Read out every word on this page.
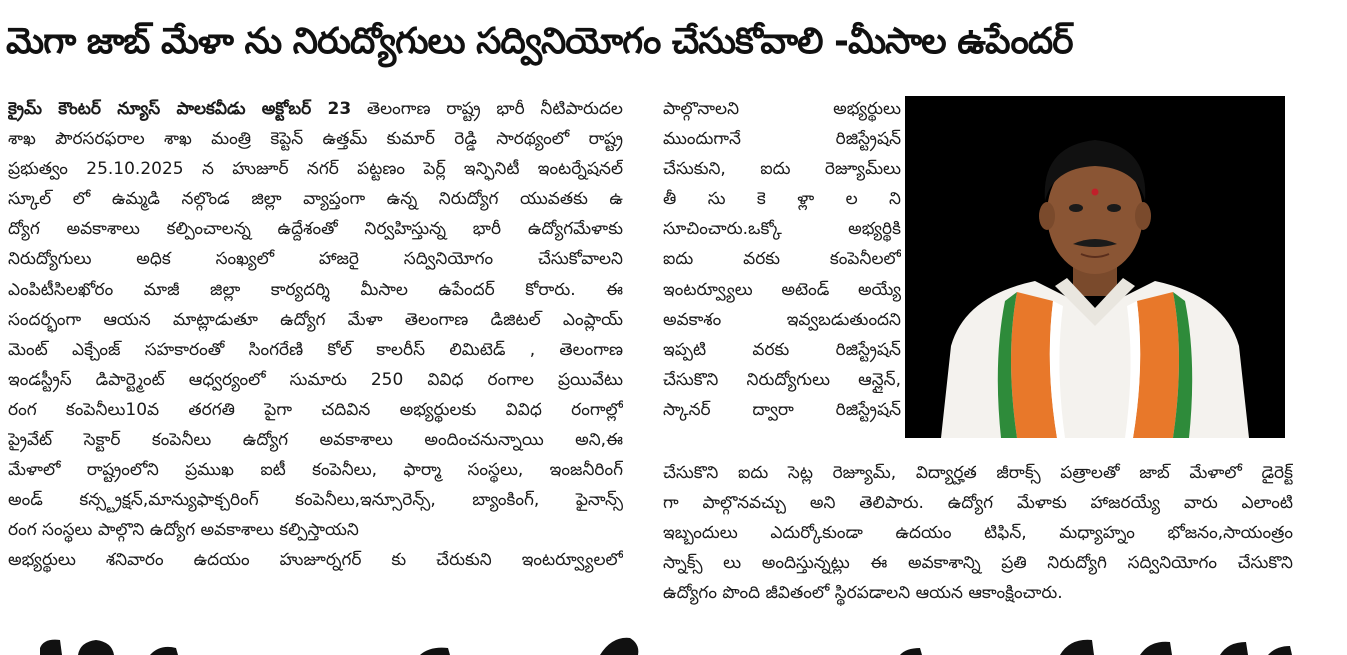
మెగా జాబ్ మేళా ను నిరుద్యోగులు సద్వినియోగం చేసుకోవాలి -మీసాల ఉపేందర్
క్రైమ్ కౌంటర్ న్యూస్ పాలకవీడు అక్టోబర్ 23 తెలంగాణ రాష్ట్ర భారీ నీటిపారుదల
శాఖ పౌరసరఫరాల శాఖ మంత్రి కెప్టెన్ ఉత్తమ్ కుమార్ రెడ్డి సారథ్యంలో రాష్ట్ర
ప్రభుత్వం 25.10.2025 న హుజూర్ నగర్ పట్టణం పెర్ల్ ఇన్ఫినిటీ ఇంటర్నేషనల్
స్కూల్ లో ఉమ్మడి నల్గొండ జిల్లా వ్యాప్తంగా ఉన్న నిరుద్యోగ యువతకు ఉ
ద్యోగ అవకాశాలు కల్పించాలన్న ఉద్దేశంతో నిర్వహిస్తున్న భారీ ఉద్యోగమేళాకు
నిరుద్యోగులు అధిక సంఖ్యలో హాజరై సద్వినియోగం చేసుకోవాలని
ఎంపిటీసిలఖోరం మాజీ జిల్లా కార్యదర్శి మీసాల ఉపేందర్ కోరారు. ఈ
సందర్భంగా ఆయన మాట్లాడుతూ ఉద్యోగ మేళా తెలంగాణ డిజిటల్ ఎంప్లాయ్
మెంట్ ఎక్చేంజ్ సహకారంతో సింగరేణి కోల్ కాలరీస్ లిమిటెడ్ , తెలంగాణ
ఇండస్ట్రీస్ డిపార్ట్మెంట్ ఆధ్వర్యంలో సుమారు 250 వివిధ రంగాల ప్రయివేటు
రంగ కంపెనీలు10వ తరగతి పైగా చదివిన అభ్యర్థులకు వివిధ రంగాల్లో
ప్రైవేట్ సెక్టార్ కంపెనీలు ఉద్యోగ అవకాశాలు అందించనున్నాయి అని,ఈ
మేళాలో రాష్ట్రంలోని ప్రముఖ ఐటీ కంపెనీలు, ఫార్మా సంస్థలు, ఇంజనీరింగ్
అండ్ కన్స్ట్రక్షన్,మాన్యుఫాక్చరింగ్ కంపెనీలు,ఇన్సూరెన్స్, బ్యాంకింగ్, ఫైనాన్స్
రంగ సంస్థలు పాల్గొని ఉద్యోగ అవకాశాలు కల్పిస్తాయని
అభ్యర్థులు శనివారం ఉదయం హుజూర్నగర్ కు చేరుకుని ఇంటర్వ్యూలలో
పాల్గొనాలని అభ్యర్థులు
ముందుగానే రిజిస్ట్రేషన్
చేసుకుని, ఐదు రెజ్యూమ్‌లు
తీ సు కె ళ్లా ల ని
సూచించారు.ఒక్కో అభ్యర్థికి
ఐదు వరకు కంపెనీలలో
ఇంటర్వ్యూలు అటెండ్ అయ్యే
అవకాశం ఇవ్వబడుతుందని
ఇప్పటి వరకు రిజిస్ట్రేషన్
చేసుకొని నిరుద్యోగులు ఆన్లైన్,
స్కానర్ ద్వారా రిజిస్ట్రేషన్
చేసుకొని ఐదు సెట్ల రెజ్యూమ్, విద్యార్హత జీరాక్స్ పత్రాలతో జాబ్ మేళాలో డైరెక్ట్
గా పాల్గొనవచ్చు అని తెలిపారు. ఉద్యోగ మేళాకు హాజరయ్యే వారు ఎలాంటి
ఇబ్బందులు ఎదుర్కోకుండా ఉదయం టిఫిన్, మధ్యాహ్నం భోజనం,సాయంత్రం
స్నాక్స్ లు అందిస్తున్నట్లు ఈ అవకాశాన్ని ప్రతి నిరుద్యోగి సద్వినియోగం చేసుకొని
ఉద్యోగం పొంది జీవితంలో స్థిరపడాలని ఆయన ఆకాంక్షించారు.
